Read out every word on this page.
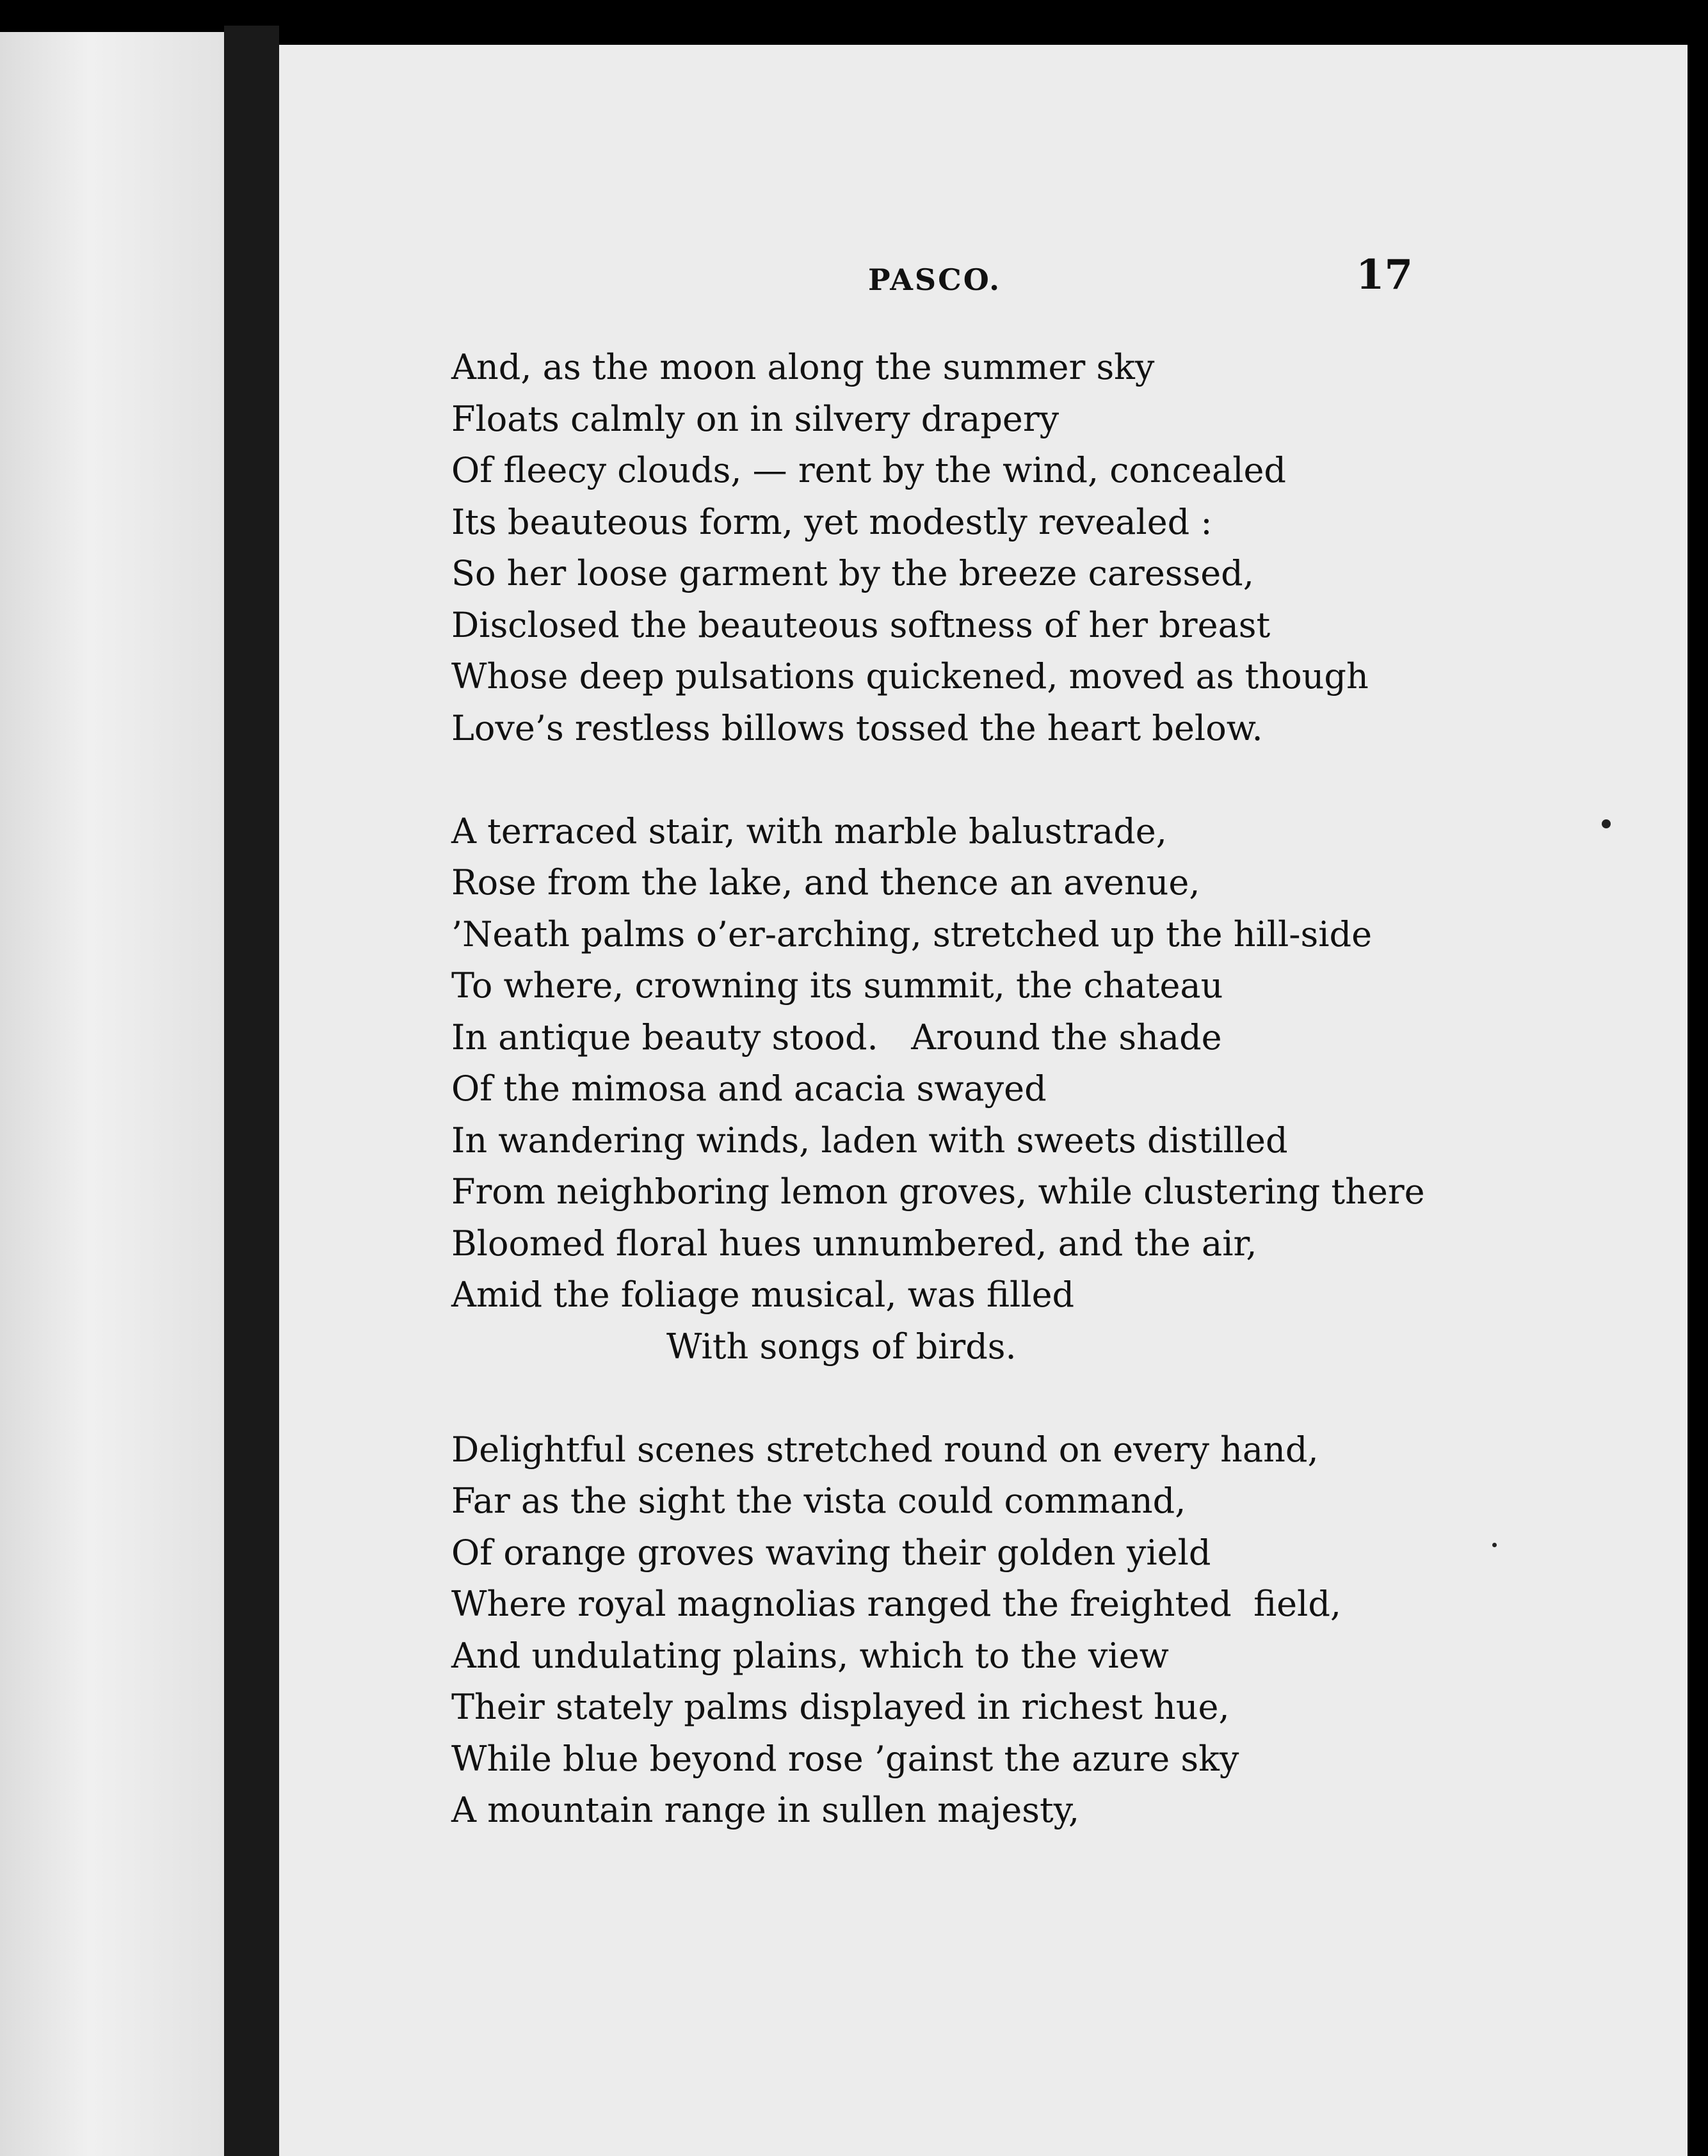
PASCO.	17
And, as the moon along the summer sky
Floats calmly on in silvery drapery
Of fleecy clouds, — rent by the wind, concealed
Its beauteous form, yet modestly revealed :
So her loose garment by the breeze caressed,
Disclosed the beauteous softness of her breast
Whose deep pulsations quickened, moved as though
Love’s restless billows tossed the heart below.
A terraced stair, with marble balustrade,
Rose from the lake, and thence an avenue,
’Neath palms o’er-arching, stretched up the hill-side
To where, crowning its summit, the chateau
In antique beauty stood.   Around the shade
Of the mimosa and acacia swayed
In wandering winds, laden with sweets distilled
From neighboring lemon groves, while clustering there
Bloomed floral hues unnumbered, and the air,
Amid the foliage musical, was filled
With songs of birds.
Delightful scenes stretched round on every hand,
Far as the sight the vista could command,
Of orange groves waving their golden yield
Where royal magnolias ranged the freighted  field,
And undulating plains, which to the view
Their stately palms displayed in richest hue,
While blue beyond rose ’gainst the azure sky
A mountain range in sullen majesty,
